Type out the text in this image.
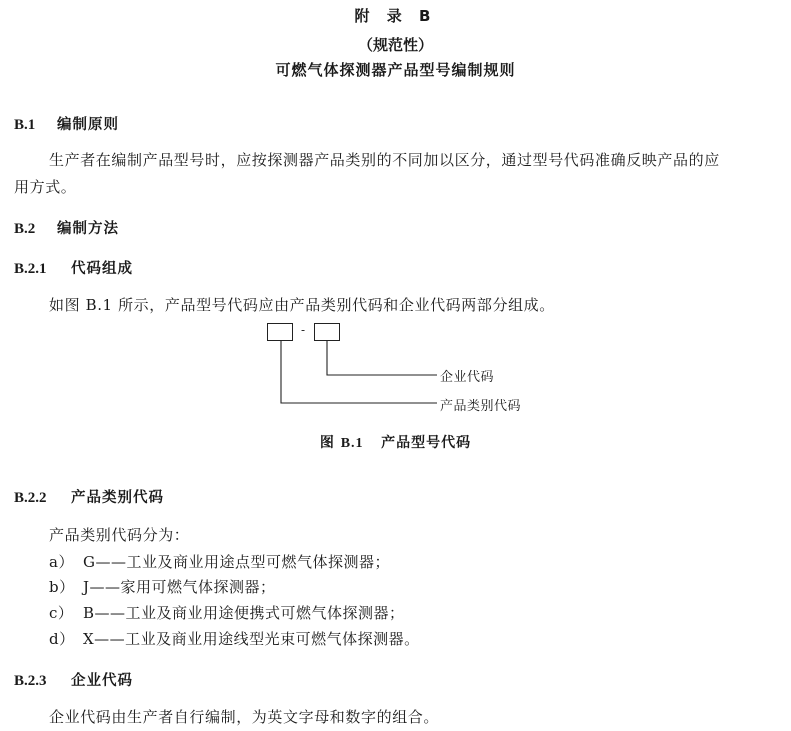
附 录 B
（规范性）
可燃气体探测器产品型号编制规则
B.1 编制原则
生产者在编制产品型号时，应按探测器产品类别的不同加以区分，通过型号代码准确反映产品的应
用方式。
B.2 编制方法
B.2.1 代码组成
如图 B.1 所示，产品型号代码应由产品类别代码和企业代码两部分组成。
-
企业代码
产品类别代码
图 B.1 产品型号代码
B.2.2 产品类别代码
产品类别代码分为：
a） G——工业及商业用途点型可燃气体探测器；
b） J——家用可燃气体探测器；
c） B——工业及商业用途便携式可燃气体探测器；
d） X——工业及商业用途线型光束可燃气体探测器。
B.2.3 企业代码
企业代码由生产者自行编制，为英文字母和数字的组合。
